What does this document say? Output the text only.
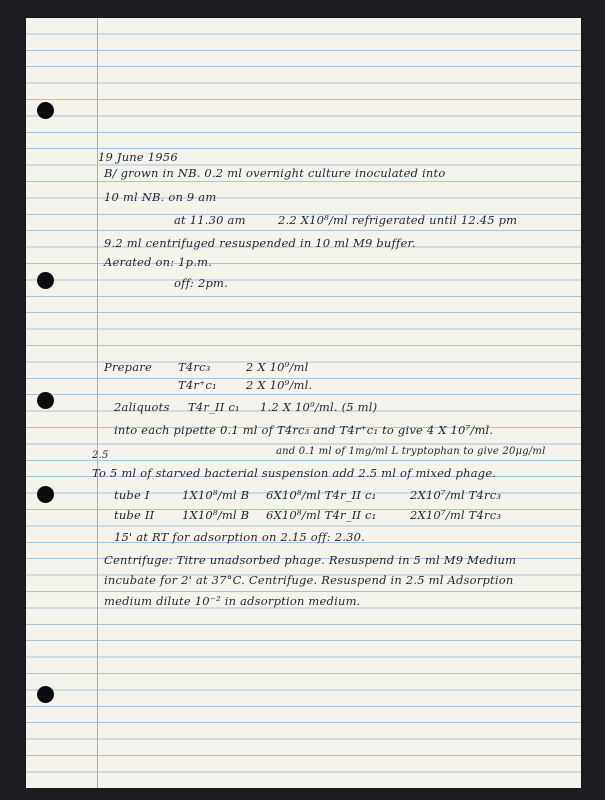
19 June 1956
B/ grown in NB. 0.2 ml overnight culture inoculated into
10 ml NB. on 9 am
at 11.30 am	2.2 X10⁸/ml refrigerated until 12.45 pm
9.2 ml centrifuged resuspended in 10 ml M9 buffer.
Aerated on: 1p.m.
off: 2pm.
Prepare T4rc₃	2 X 10⁹/ml
T4r⁺c₁	2 X 10⁹/ml.
2aliquots T4r_II c₁ 1.2 X 10⁹/ml. (5 ml)
into each pipette 0.1 ml of T4rc₃ and T4r⁺c₁ to give 4 X 10⁷/ml.
and 0.1 ml of 1mg/ml L tryptophan to give 20μg/ml
2.5
To 5 ml of starved bacterial suspension add 2.5 ml of mixed phage.
tube I	1X10⁸/ml B 6X10⁸/ml T4r_II c₁	2X10⁷/ml T4rc₃
tube II 1X10⁸/ml B 6X10⁸/ml T4r_II c₁	2X10⁷/ml T4rc₃
15' at RT for adsorption on 2.15 off: 2.30.
Centrifuge: Titre unadsorbed phage. Resuspend in 5 ml M9 Medium
incubate for 2' at 37°C. Centrifuge. Resuspend in 2.5 ml Adsorption
medium dilute 10⁻² in adsorption medium.
